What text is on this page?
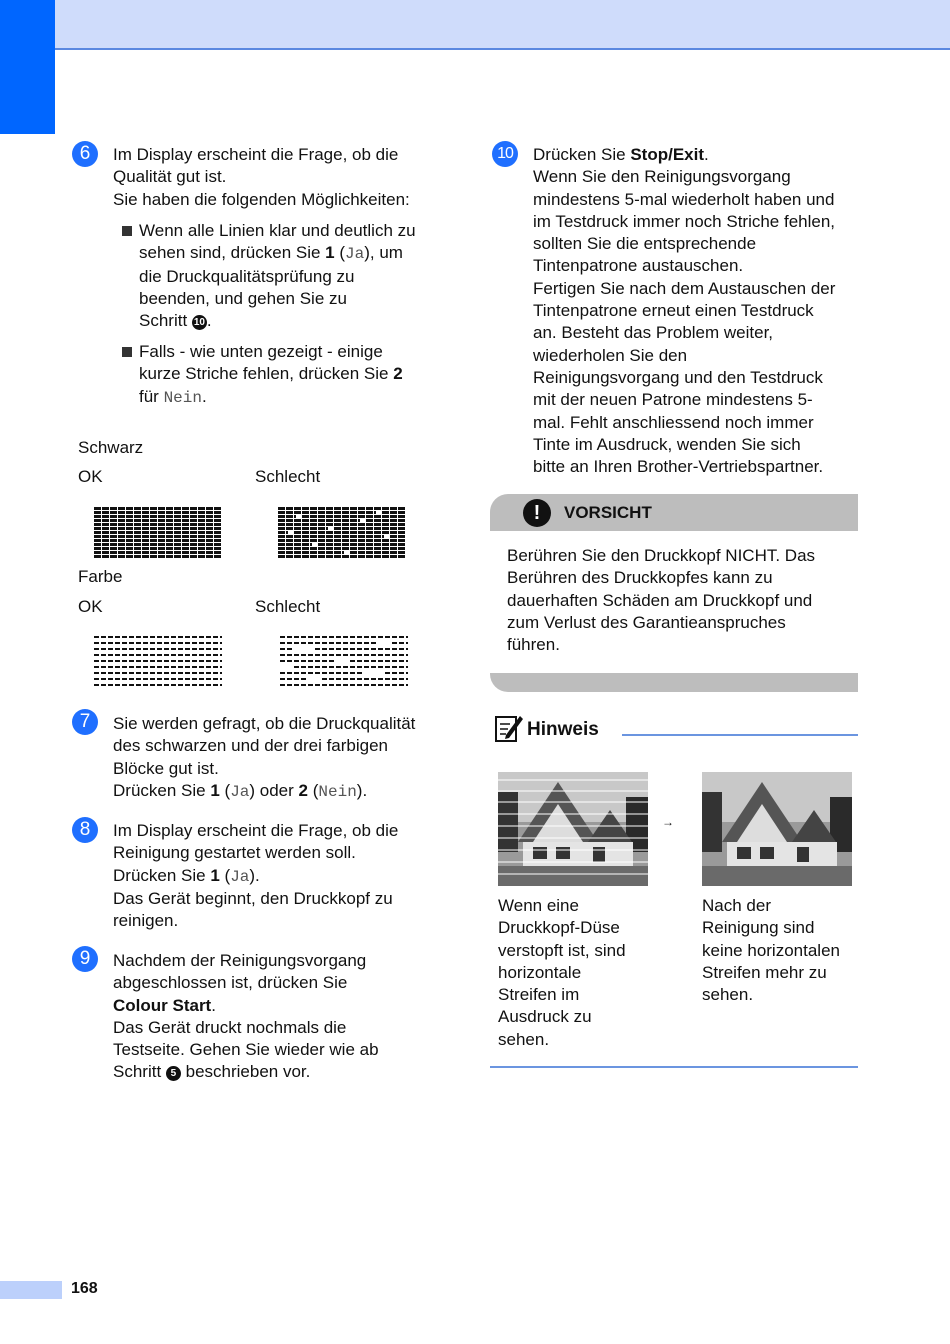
6	Im Display erscheint die Frage, ob die
Qualität gut ist.
Sie haben die folgenden Möglichkeiten:
Wenn alle Linien klar und deutlich zu
sehen sind, drücken Sie 1 (Ja), um
die Druckqualitätsprüfung zu
beenden, und gehen Sie zu
Schritt 10 .
Falls - wie unten gezeigt - einige
kurze Striche fehlen, drücken Sie 2
für Nein.
Schwarz
OK	Schlecht
Farbe
OK	Schlecht
7	Sie werden gefragt, ob die Druckqualität
des schwarzen und der drei farbigen
Blöcke gut ist.
Drücken Sie 1 (Ja) oder 2 (Nein).
8	Im Display erscheint die Frage, ob die
Reinigung gestartet werden soll.
Drücken Sie 1 (Ja).
Das Gerät beginnt, den Druckkopf zu
reinigen.
9	Nachdem der Reinigungsvorgang
abgeschlossen ist, drücken Sie
Colour Start.
Das Gerät druckt nochmals die
Testseite. Gehen Sie wieder wie ab
Schritt 5 beschrieben vor.
10	Drücken Sie Stop/Exit.
Wenn Sie den Reinigungsvorgang
mindestens 5-mal wiederholt haben und
im Testdruck immer noch Striche fehlen,
sollten Sie die entsprechende
Tintenpatrone austauschen.
Fertigen Sie nach dem Austauschen der
Tintenpatrone erneut einen Testdruck
an. Besteht das Problem weiter,
wiederholen Sie den
Reinigungsvorgang und den Testdruck
mit der neuen Patrone mindestens 5-
mal. Fehlt anschliessend noch immer
Tinte im Ausdruck, wenden Sie sich
bitte an Ihren Brother-Vertriebspartner.
!	VORSICHT
Berühren Sie den Druckkopf NICHT. Das
Berühren des Druckkopfes kann zu
dauerhaften Schäden am Druckkopf und
zum Verlust des Garantieanspruches
führen.
Hinweis
→
Wenn eine
Druckkopf-Düse
verstopft ist, sind
horizontale
Streifen im
Ausdruck zu
sehen.
Nach der
Reinigung sind
keine horizontalen
Streifen mehr zu
sehen.
168
